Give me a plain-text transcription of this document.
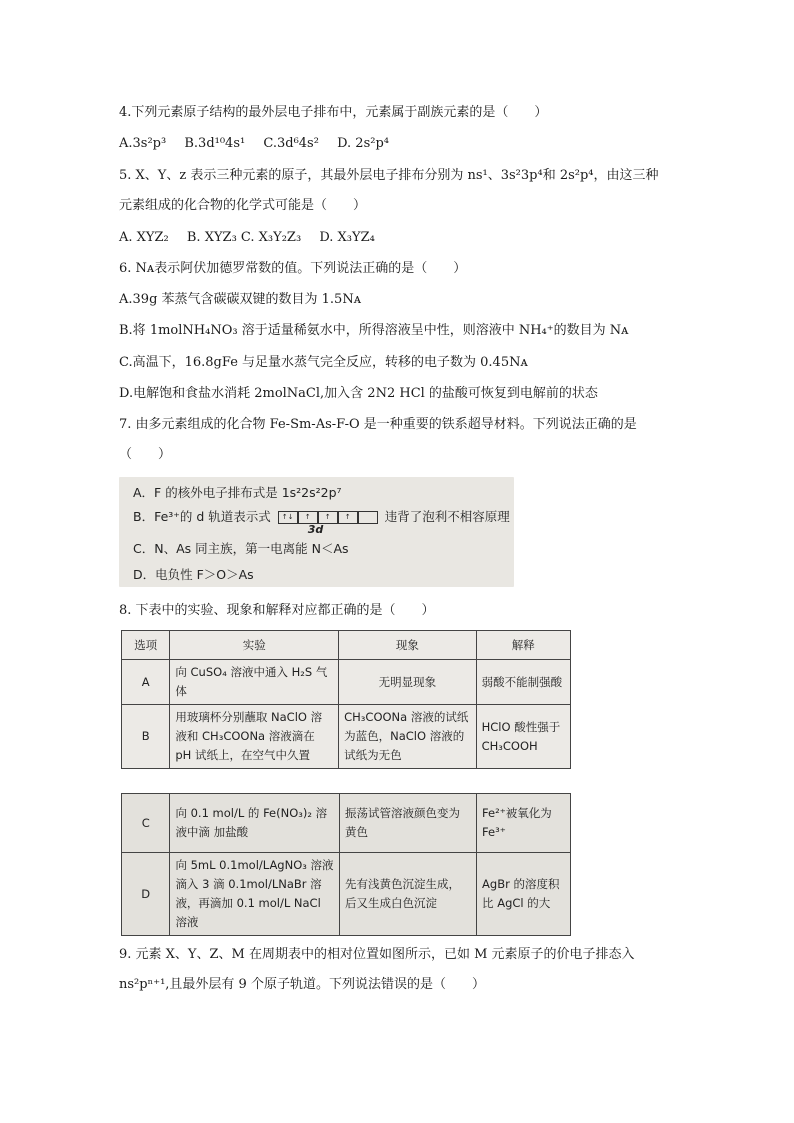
4.下列元素原子结构的最外层电子排布中，元素属于副族元素的是（　　）
A.3s²p³ B.3d¹⁰4s¹ C.3d⁶4s² D. 2s²p⁴
5. X、Y、z 表示三种元素的原子，其最外层电子排布分别为 ns¹、3s²3p⁴和 2s²p⁴，由这三种
元素组成的化合物的化学式可能是（　　）
A. XYZ₂ B. XYZ₃ C. X₃Y₂Z₃ D. X₃YZ₄
6. Nᴀ表示阿伏加德罗常数的值。下列说法正确的是（　　）
A.39g 苯蒸气含碳碳双键的数目为 1.5Nᴀ
B.将 1molNH₄NO₃ 溶于适量稀氨水中，所得溶液呈中性，则溶液中 NH₄⁺的数目为 Nᴀ
C.高温下，16.8gFe 与足量水蒸气完全反应，转移的电子数为 0.45Nᴀ
D.电解饱和食盐水消耗 2molNaCl,加入含 2N2 HCl 的盐酸可恢复到电解前的状态
7. 由多元素组成的化合物 Fe-Sm-As-F-O 是一种重要的铁系超导材料。下列说法正确的是
（　　）
A．F 的核外电子排布式是 1s²2s²2p⁷
B．Fe³⁺的 d 轨道表示式	↑↓	↑	↑	↑
3d
违背了泡利不相容原理
C．N、As 同主族，第一电离能 N＜As
D．电负性 F＞O＞As
8. 下表中的实验、现象和解释对应都正确的是（　　）
选项	实验	现象	解释
A	向 CuSO₄ 溶液中通入 H₂S 气体	无明显现象	弱酸不能制强酸
B	用玻璃杯分别蘸取 NaClO 溶液和 CH₃COONa 溶液滴在 pH 试纸上，在空气中久置	CH₃COONa 溶液的试纸为蓝色，NaClO 溶液的试纸为无色	HClO 酸性强于 CH₃COOH
C	向 0.1 mol/L 的 Fe(NO₃)₂ 溶液中滴 加盐酸	振荡试管溶液颜色变为黄色	Fe²⁺被氧化为 Fe³⁺
D	向 5mL 0.1mol/LAgNO₃ 溶液滴入 3 滴 0.1mol/LNaBr 溶液，再滴加 0.1 mol/L NaCl 溶液	先有浅黄色沉淀生成，后又生成白色沉淀	AgBr 的溶度积比 AgCl 的大
9. 元素 X、Y、Z、M 在周期表中的相对位置如图所示，已如 M 元素原子的价电子排态入
ns²pⁿ⁺¹,且最外层有 9 个原子轨道。下列说法错误的是（　　）
